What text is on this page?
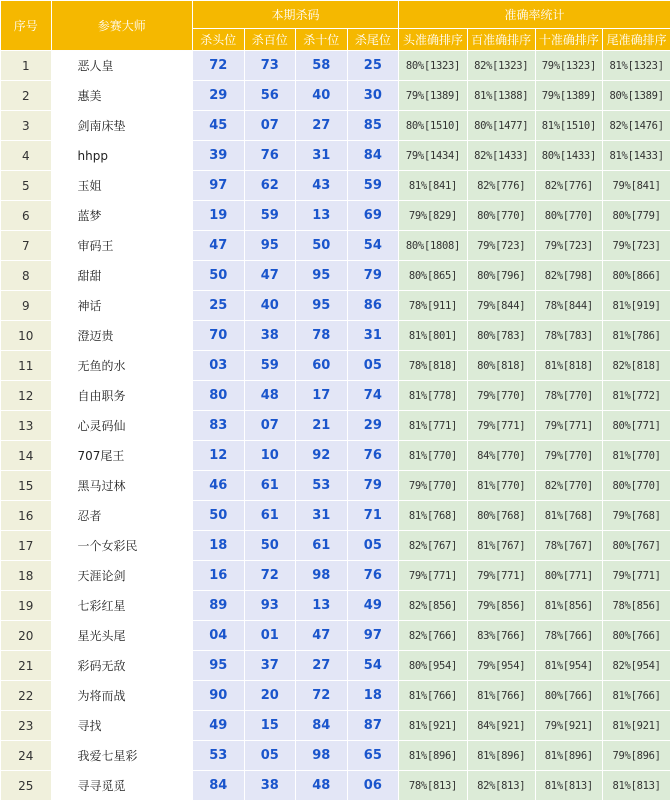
序号	参赛大师	本期杀码				准确率统计			
		杀头位	杀百位	杀十位	杀尾位	头准确排序	百准确排序	十准确排序	尾准确排序
1	恶人皇	72	73	58	25	80%[1323]	82%[1323]	79%[1323]	81%[1323]
2	惠美	29	56	40	30	79%[1389]	81%[1388]	79%[1389]	80%[1389]
3	剑南床垫	45	07	27	85	80%[1510]	80%[1477]	81%[1510]	82%[1476]
4	hhpp	39	76	31	84	79%[1434]	82%[1433]	80%[1433]	81%[1433]
5	玉姐	97	62	43	59	81%[841]	82%[776]	82%[776]	79%[841]
6	蓝梦	19	59	13	69	79%[829]	80%[770]	80%[770]	80%[779]
7	审码王	47	95	50	54	80%[1808]	79%[723]	79%[723]	79%[723]
8	甜甜	50	47	95	79	80%[865]	80%[796]	82%[798]	80%[866]
9	神话	25	40	95	86	78%[911]	79%[844]	78%[844]	81%[919]
10	澄迈贵	70	38	78	31	81%[801]	80%[783]	78%[783]	81%[786]
11	无鱼的水	03	59	60	05	78%[818]	80%[818]	81%[818]	82%[818]
12	自由职务	80	48	17	74	81%[778]	79%[770]	78%[770]	81%[772]
13	心灵码仙	83	07	21	29	81%[771]	79%[771]	79%[771]	80%[771]
14	707尾王	12	10	92	76	81%[770]	84%[770]	79%[770]	81%[770]
15	黑马过林	46	61	53	79	79%[770]	81%[770]	82%[770]	80%[770]
16	忍者	50	61	31	71	81%[768]	80%[768]	81%[768]	79%[768]
17	一个女彩民	18	50	61	05	82%[767]	81%[767]	78%[767]	80%[767]
18	天涯论剑	16	72	98	76	79%[771]	79%[771]	80%[771]	79%[771]
19	七彩红星	89	93	13	49	82%[856]	79%[856]	81%[856]	78%[856]
20	星光头尾	04	01	47	97	82%[766]	83%[766]	78%[766]	80%[766]
21	彩码无敌	95	37	27	54	80%[954]	79%[954]	81%[954]	82%[954]
22	为将而战	90	20	72	18	81%[766]	81%[766]	80%[766]	81%[766]
23	寻找	49	15	84	87	81%[921]	84%[921]	79%[921]	81%[921]
24	我爱七星彩	53	05	98	65	81%[896]	81%[896]	81%[896]	79%[896]
25	寻寻觅觅	84	38	48	06	78%[813]	82%[813]	81%[813]	81%[813]
